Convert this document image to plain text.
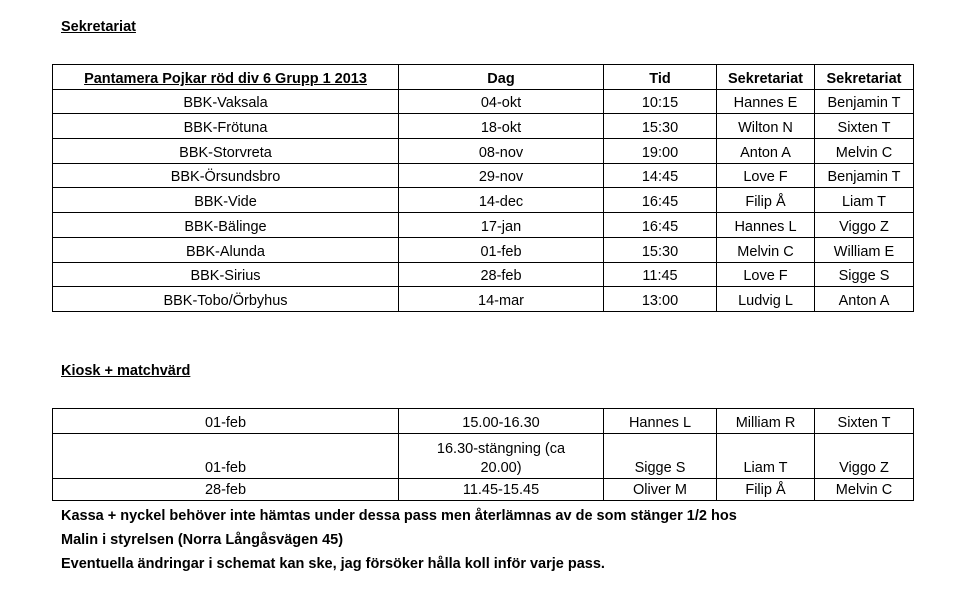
Sekretariat
Pantamera Pojkar röd div 6 Grupp 1 2013	Dag	Tid	Sekretariat	Sekretariat
BBK-Vaksala	04-okt	10:15	Hannes E	Benjamin T
BBK-Frötuna	18-okt	15:30	Wilton N	Sixten T
BBK-Storvreta	08-nov	19:00	Anton A	Melvin C
BBK-Örsundsbro	29-nov	14:45	Love F	Benjamin T
BBK-Vide	14-dec	16:45	Filip Å	Liam T
BBK-Bälinge	17-jan	16:45	Hannes L	Viggo Z
BBK-Alunda	01-feb	15:30	Melvin C	William E
BBK-Sirius	28-feb	11:45	Love F	Sigge S
BBK-Tobo/Örbyhus	14-mar	13:00	Ludvig L	Anton A
Kiosk + matchvärd
01-feb	15.00-16.30	Hannes L	Milliam R	Sixten T
01-feb	16.30-stängning (ca 20.00)	Sigge S	Liam T	Viggo Z
28-feb	11.45-15.45	Oliver M	Filip Å	Melvin C
Kassa + nyckel behöver inte hämtas under dessa pass men återlämnas av de som stänger 1/2 hos
Malin i styrelsen (Norra Långåsvägen 45)
Eventuella ändringar i schemat kan ske, jag försöker hålla koll inför varje pass.
